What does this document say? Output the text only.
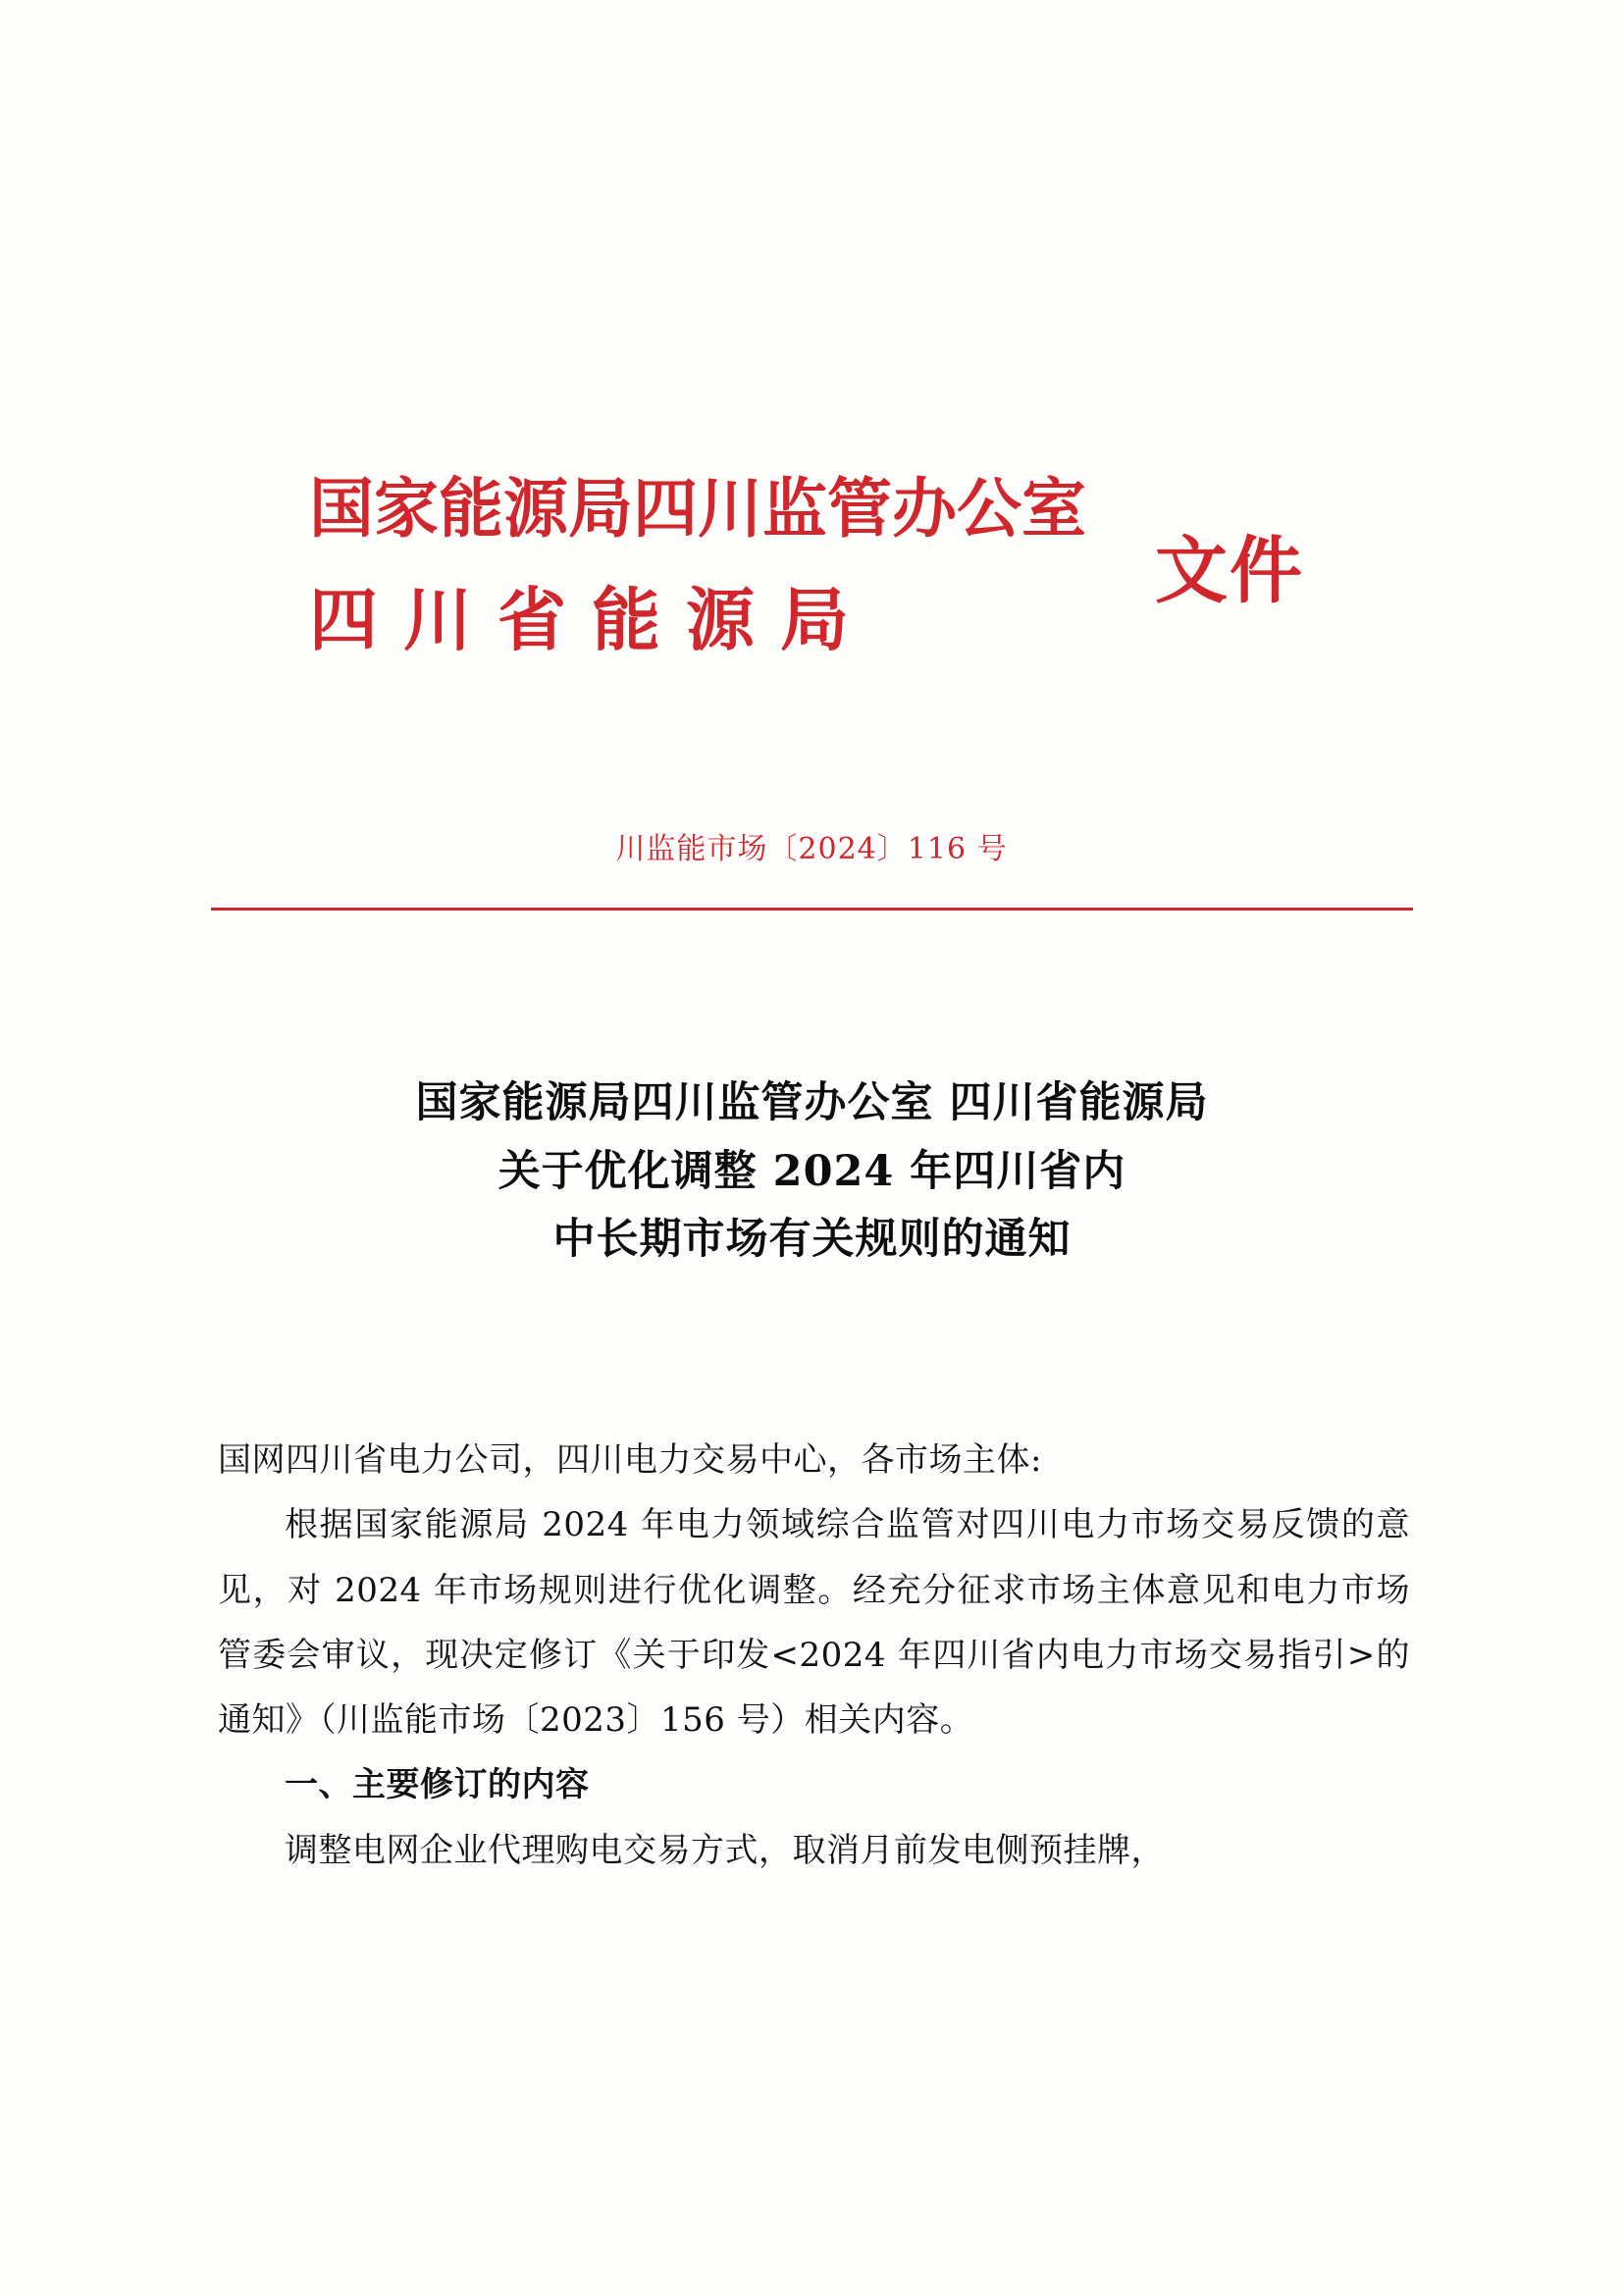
国家能源局四川监管办公室
四川省能源局
文件
川监能市场〔2024〕116 号
国家能源局四川监管办公室 四川省能源局
关于优化调整 2024 年四川省内
中长期市场有关规则的通知

国网四川省电力公司，四川电力交易中心，各市场主体:

根据国家能源局 2024 年电力领域综合监管对四川电力市场交易反馈的意见，对 2024 年市场规则进行优化调整。经充分征求市场主体意见和电力市场管委会审议，现决定修订《关于印发<2024 年四川省内电力市场交易指引>的通知》（川监能市场〔2023〕156 号）相关内容。

一、主要修订的内容

调整电网企业代理购电交易方式，取消月前发电侧预挂牌，
